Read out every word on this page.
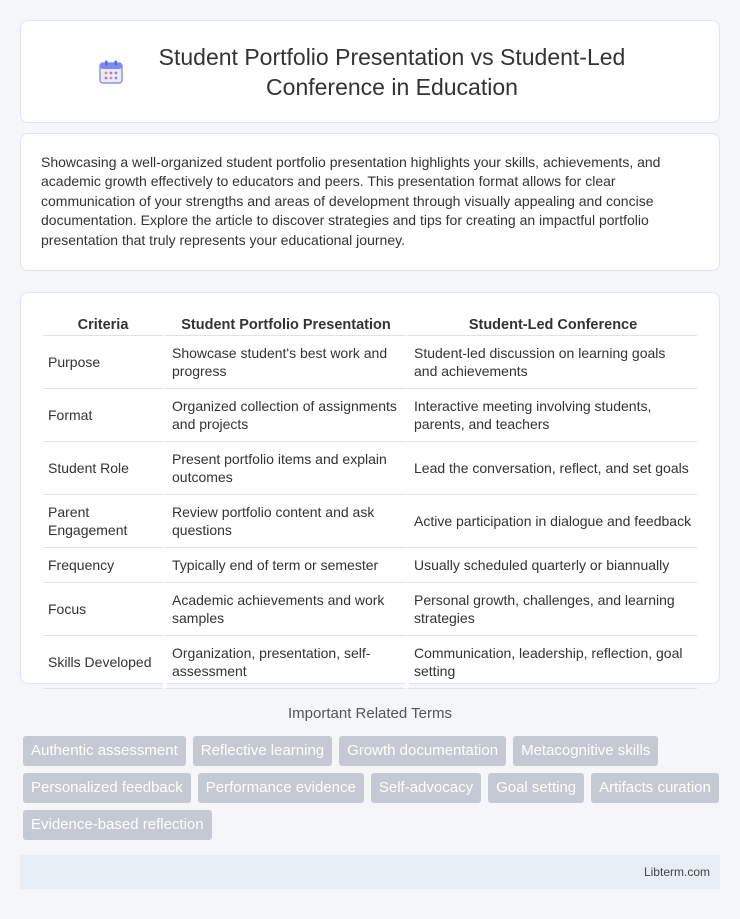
Student Portfolio Presentation vs Student-Led Conference in Education

Showcasing a well-organized student portfolio presentation highlights your skills, achievements, and academic growth effectively to educators and peers. This presentation format allows for clear communication of your strengths and areas of development through visually appealing and concise documentation. Explore the article to discover strategies and tips for creating an impactful portfolio presentation that truly represents your educational journey.

Criteria	Student Portfolio Presentation	Student-Led Conference
Purpose	Showcase student's best work and progress	Student-led discussion on learning goals and achievements
Format	Organized collection of assignments and projects	Interactive meeting involving students, parents, and teachers
Student Role	Present portfolio items and explain outcomes	Lead the conversation, reflect, and set goals
Parent Engagement	Review portfolio content and ask questions	Active participation in dialogue and feedback
Frequency	Typically end of term or semester	Usually scheduled quarterly or biannually
Focus	Academic achievements and work samples	Personal growth, challenges, and learning strategies
Skills Developed	Organization, presentation, self-assessment	Communication, leadership, reflection, goal setting
Important Related Terms
Authentic assessment	Reflective learning	Growth documentation	Metacognitive skills
Personalized feedback	Performance evidence	Self-advocacy	Goal setting	Artifacts curation
Evidence-based reflection
Libterm.com
